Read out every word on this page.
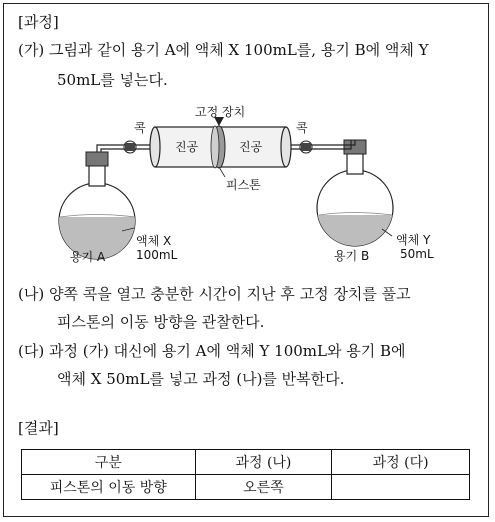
[과정]
(가) 그림과 같이 용기 A에 액체 X 100mL를, 용기 B에 액체 Y
50mL를 넣는다.
고정 장치
콕	콕
진공	진공
피스톤
액체 X
100mL
용기 A
액체 Y
50mL
용기 B
(나) 양쪽 콕을 열고 충분한 시간이 지난 후 고정 장치를 풀고
피스톤의 이동 방향을 관찰한다.
(다) 과정 (가) 대신에 용기 A에 액체 Y 100mL와 용기 B에
액체 X 50mL를 넣고 과정 (나)를 반복한다.
[결과]
구분	과정 (나)	과정 (다)
피스톤의 이동 방향	오른쪽	
